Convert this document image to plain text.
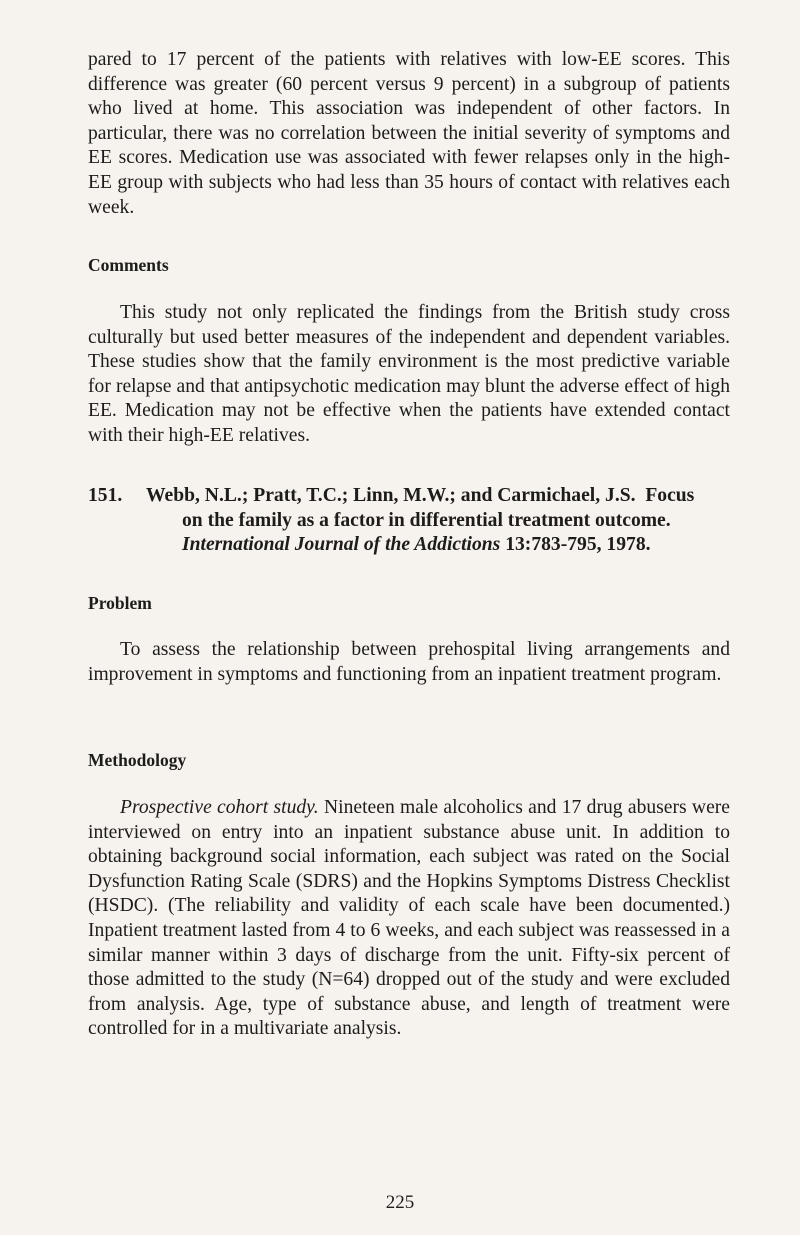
pared to 17 percent of the patients with relatives with low-EE scores. This difference was greater (60 percent versus 9 percent) in a subgroup of patients who lived at home. This association was independent of other factors. In particular, there was no correlation between the initial severity of symptoms and EE scores. Medication use was associated with fewer relapses only in the high-EE group with subjects who had less than 35 hours of contact with relatives each week.

Comments

This study not only replicated the findings from the British study cross culturally but used better measures of the independent and dependent variables. These studies show that the family environment is the most predictive variable for relapse and that antipsychotic medication may blunt the adverse effect of high EE. Medication may not be effective when the patients have extended contact with their high-EE relatives.

151. Webb, N.L.; Pratt, T.C.; Linn, M.W.; and Carmichael, J.S. Focus
on the family as a factor in differential treatment outcome.
International Journal of the Addictions 13:783-795, 1978.
Problem

To assess the relationship between prehospital living arrangements and improvement in symptoms and functioning from an inpatient treatment program.

Methodology

Prospective cohort study. Nineteen male alcoholics and 17 drug abusers were interviewed on entry into an inpatient substance abuse unit. In addition to obtaining background social information, each subject was rated on the Social Dysfunction Rating Scale (SDRS) and the Hopkins Symptoms Distress Checklist (HSDC). (The reliability and validity of each scale have been documented.) Inpatient treatment lasted from 4 to 6 weeks, and each subject was reassessed in a similar manner within 3 days of discharge from the unit. Fifty-six percent of those admitted to the study (N=64) dropped out of the study and were excluded from analysis. Age, type of substance abuse, and length of treatment were controlled for in a multivariate analysis.

225
